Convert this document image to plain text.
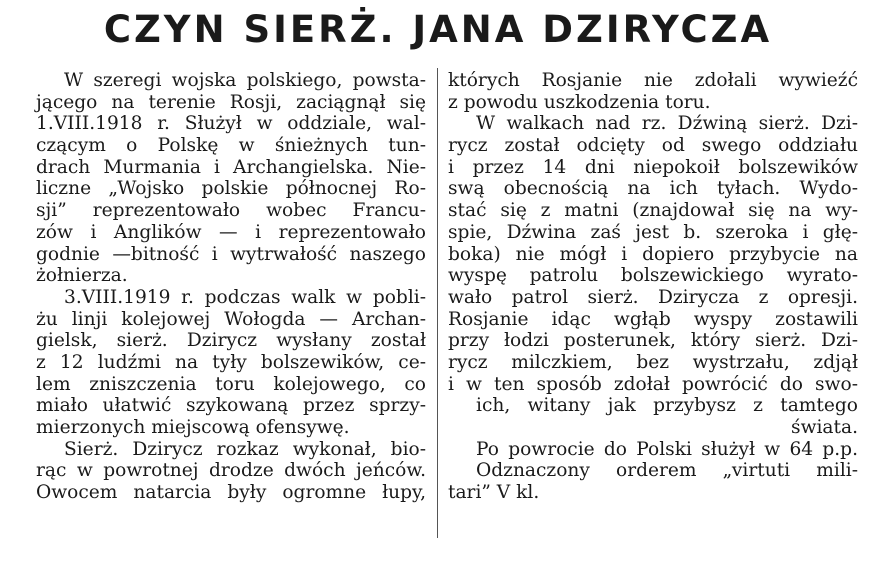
CZYN SIERŻ. JANA DZIRYCZA
W szeregi wojska polskiego, powsta-
jącego na terenie Rosji, zaciągnął się
1.VIII.1918 r. Służył w oddziale, wal-
czącym o Polskę w śnieżnych tun-
drach Murmania i Archangielska. Nie-
liczne „Wojsko polskie północnej Ro-
sji” reprezentowało wobec Francu-
zów i Anglików — i reprezentowało
godnie —bitność i wytrwałość naszego
żołnierza.
3.VIII.1919 r. podczas walk w pobli-
żu linji kolejowej Wołogda — Archan-
gielsk, sierż. Dzirycz wysłany został
z 12 ludźmi na tyły bolszewików, ce-
lem zniszczenia toru kolejowego, co
miało ułatwić szykowaną przez sprzy-
mierzonych miejscową ofensywę.
Sierż. Dzirycz rozkaz wykonał, bio-
rąc w powrotnej drodze dwóch jeńców.
Owocem natarcia były ogromne łupy,
których Rosjanie nie zdołali wywieźć
z powodu uszkodzenia toru.
W walkach nad rz. Dźwiną sierż. Dzi-
rycz został odcięty od swego oddziału
i przez 14 dni niepokoił bolszewików
swą obecnością na ich tyłach. Wydo-
stać się z matni (znajdował się na wy-
spie, Dźwina zaś jest b. szeroka i głę-
boka) nie mógł i dopiero przybycie na
wyspę patrolu bolszewickiego wyrato-
wało patrol sierż. Dzirycza z opresji.
Rosjanie idąc wgłąb wyspy zostawili
przy łodzi posterunek, który sierż. Dzi-
rycz milczkiem, bez wystrzału, zdjął
i w ten sposób zdołał powrócić do swo-
ich, witany jak przybysz z tamtego
świata.
Po powrocie do Polski służył w 64 p.p.
Odznaczony orderem „virtuti mili-
tari” V kl.
